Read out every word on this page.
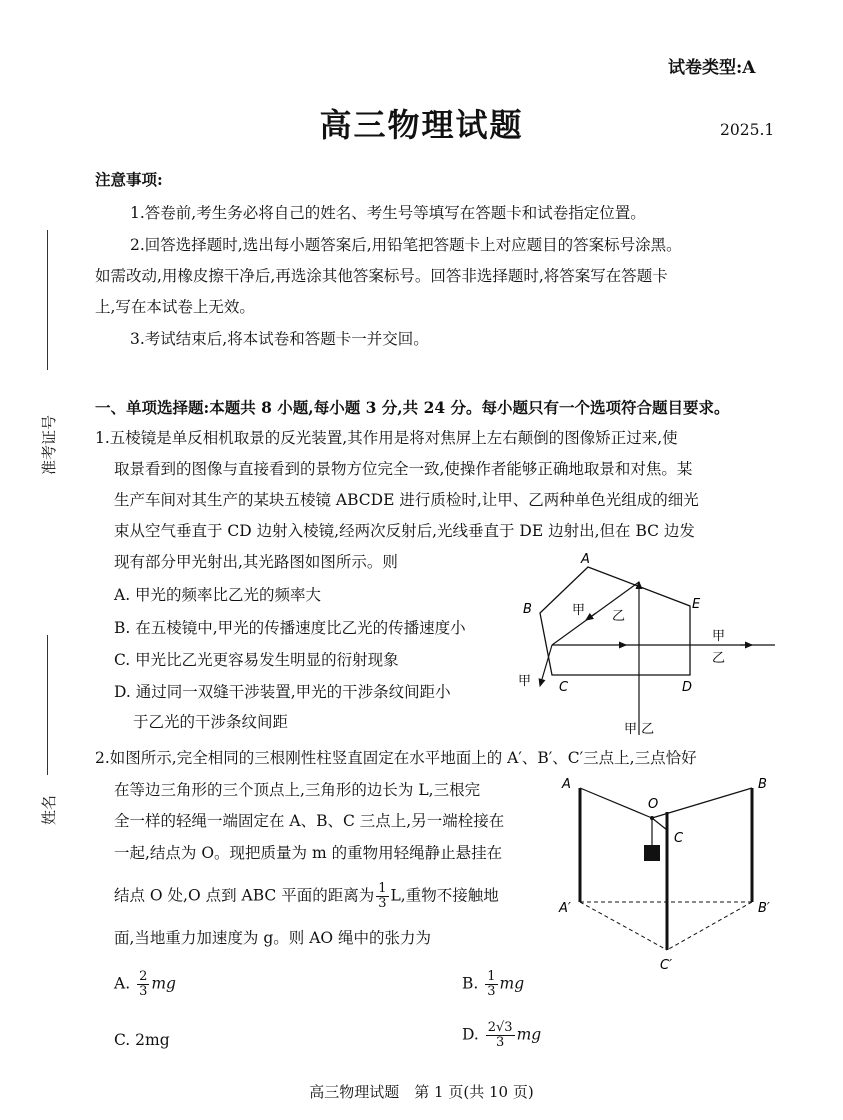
试卷类型:A
高三物理试题	2025.1
注意事项:
1.答卷前,考生务必将自己的姓名、考生号等填写在答题卡和试卷指定位置。
2.回答选择题时,选出每小题答案后,用铅笔把答题卡上对应题目的答案标号涂黑。
如需改动,用橡皮擦干净后,再选涂其他答案标号。回答非选择题时,将答案写在答题卡
上,写在本试卷上无效。
3.考试结束后,将本试卷和答题卡一并交回。
准考证号
姓名
一、单项选择题:本题共 8 小题,每小题 3 分,共 24 分。每小题只有一个选项符合题目要求。
1.五棱镜是单反相机取景的反光装置,其作用是将对焦屏上左右颠倒的图像矫正过来,使
取景看到的图像与直接看到的景物方位完全一致,使操作者能够正确地取景和对焦。某
生产车间对其生产的某块五棱镜 ABCDE 进行质检时,让甲、乙两种单色光组成的细光
束从空气垂直于 CD 边射入棱镜,经两次反射后,光线垂直于 DE 边射出,但在 BC 边发
现有部分甲光射出,其光路图如图所示。则
A. 甲光的频率比乙光的频率大
B. 在五棱镜中,甲光的传播速度比乙光的传播速度小
C. 甲光比乙光更容易发生明显的衍射现象
D. 通过同一双缝干涉装置,甲光的干涉条纹间距小
于乙光的干涉条纹间距
A
B
C	D
E
甲 乙
甲
乙
甲
甲 乙
2.如图所示,完全相同的三根刚性柱竖直固定在水平地面上的 A′、B′、C′三点上,三点恰好
在等边三角形的三个顶点上,三角形的边长为 L,三根完
全一样的轻绳一端固定在 A、B、C 三点上,另一端栓接在
一起,结点为 O。现把质量为 m 的重物用轻绳静止悬挂在
结点 O 处,O 点到 ABC 平面的距离为 $\frac{1}{3} L$,重物不接触地
面,当地重力加速度为 g。则 AO 绳中的张力为
A. $\frac{2}{3}$ mg	B. $\frac{1}{3}$ mg
C. 2mg	D. $\frac{2√3}{3}$ mg
A	B
C
O
A′	B′
C′
高三物理试题　第 1 页(共 10 页)
